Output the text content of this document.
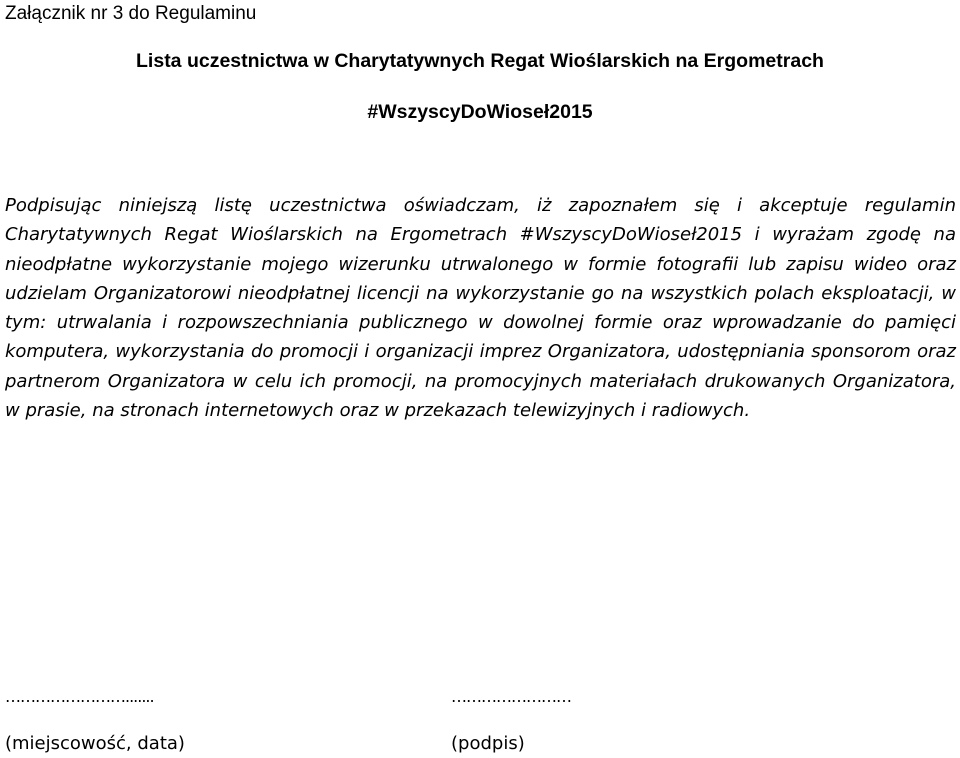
Załącznik nr 3 do Regulaminu
Lista uczestnictwa w Charytatywnych Regat Wioślarskich na Ergometrach
#WszyscyDoWioseł2015

Podpisując niniejszą listę uczestnictwa oświadczam, iż zapoznałem się i akceptuje regulamin Charytatywnych Regat Wioślarskich na Ergometrach #WszyscyDoWioseł2015 i wyrażam zgodę na nieodpłatne wykorzystanie mojego wizerunku utrwalonego w formie fotografii lub zapisu wideo oraz udzielam Organizatorowi nieodpłatnej licencji na wykorzystanie go na wszystkich polach eksploatacji, w tym: utrwalania i rozpowszechniania publicznego w dowolnej formie oraz wprowadzanie do pamięci komputera, wykorzystania do promocji i organizacji imprez Organizatora, udostępniania sponsorom oraz partnerom Organizatora w celu ich promocji, na promocyjnych materiałach drukowanych Organizatora, w prasie, na stronach internetowych oraz w przekazach telewizyjnych i radiowych.

…………………….......	……………………
(miejscowość, data)	(podpis)
